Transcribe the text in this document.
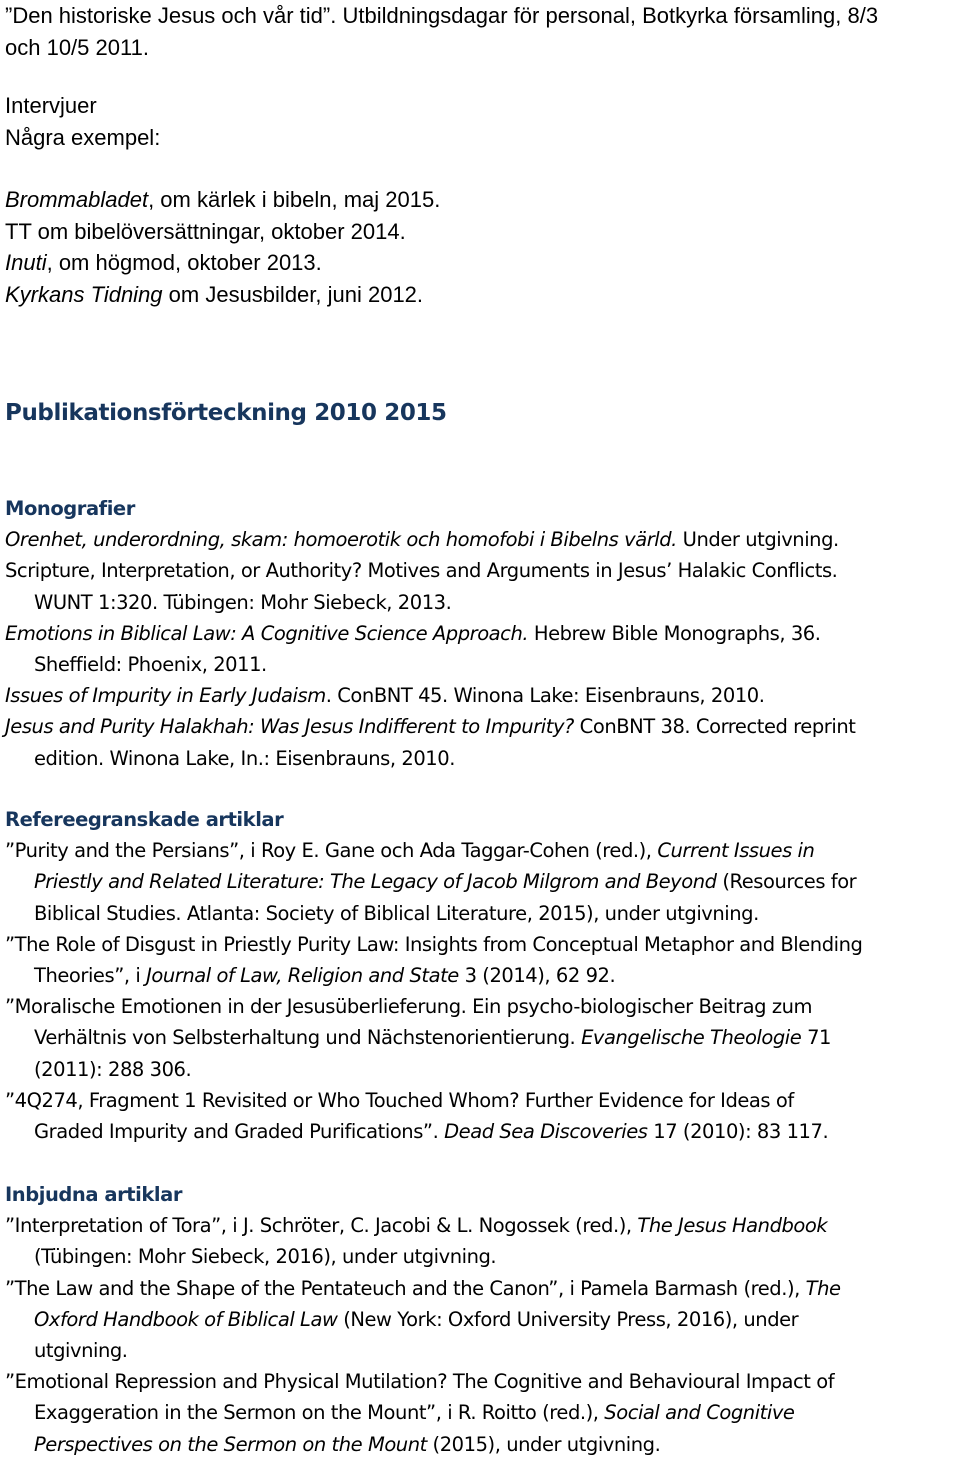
”Den historiske Jesus och vår tid”. Utbildningsdagar för personal, Botkyrka församling, 8/3
och 10/5 2011.
Intervjuer
Några exempel:
Brommabladet, om kärlek i bibeln, maj 2015.
TT om bibelöversättningar, oktober 2014.
Inuti, om högmod, oktober 2013.
Kyrkans Tidning om Jesusbilder, juni 2012.
Publikationsförteckning 2010 2015
Monografier
Orenhet, underordning, skam: homoerotik och homofobi i Bibelns värld. Under utgivning.
Scripture, Interpretation, or Authority? Motives and Arguments in Jesus’ Halakic Conflicts.
WUNT 1:320. Tübingen: Mohr Siebeck, 2013.
Emotions in Biblical Law: A Cognitive Science Approach. Hebrew Bible Monographs, 36.
Sheffield: Phoenix, 2011.
Issues of Impurity in Early Judaism. ConBNT 45. Winona Lake: Eisenbrauns, 2010.
Jesus and Purity Halakhah: Was Jesus Indifferent to Impurity? ConBNT 38. Corrected reprint
edition. Winona Lake, In.: Eisenbrauns, 2010.
Refereegranskade artiklar
”Purity and the Persians”, i Roy E. Gane och Ada Taggar-Cohen (red.), Current Issues in
Priestly and Related Literature: The Legacy of Jacob Milgrom and Beyond (Resources for
Biblical Studies. Atlanta: Society of Biblical Literature, 2015), under utgivning.
”The Role of Disgust in Priestly Purity Law: Insights from Conceptual Metaphor and Blending
Theories”, i Journal of Law, Religion and State 3 (2014), 62 92.
”Moralische Emotionen in der Jesusüberlieferung. Ein psycho-biologischer Beitrag zum
Verhältnis von Selbsterhaltung und Nächstenorientierung. Evangelische Theologie 71
(2011): 288 306.
”4Q274, Fragment 1 Revisited or Who Touched Whom? Further Evidence for Ideas of
Graded Impurity and Graded Purifications”. Dead Sea Discoveries 17 (2010): 83 117.
Inbjudna artiklar
”Interpretation of Tora”, i J. Schröter, C. Jacobi & L. Nogossek (red.), The Jesus Handbook
(Tübingen: Mohr Siebeck, 2016), under utgivning.
”The Law and the Shape of the Pentateuch and the Canon”, i Pamela Barmash (red.), The
Oxford Handbook of Biblical Law (New York: Oxford University Press, 2016), under
utgivning.
”Emotional Repression and Physical Mutilation? The Cognitive and Behavioural Impact of
Exaggeration in the Sermon on the Mount”, i R. Roitto (red.), Social and Cognitive
Perspectives on the Sermon on the Mount (2015), under utgivning.
